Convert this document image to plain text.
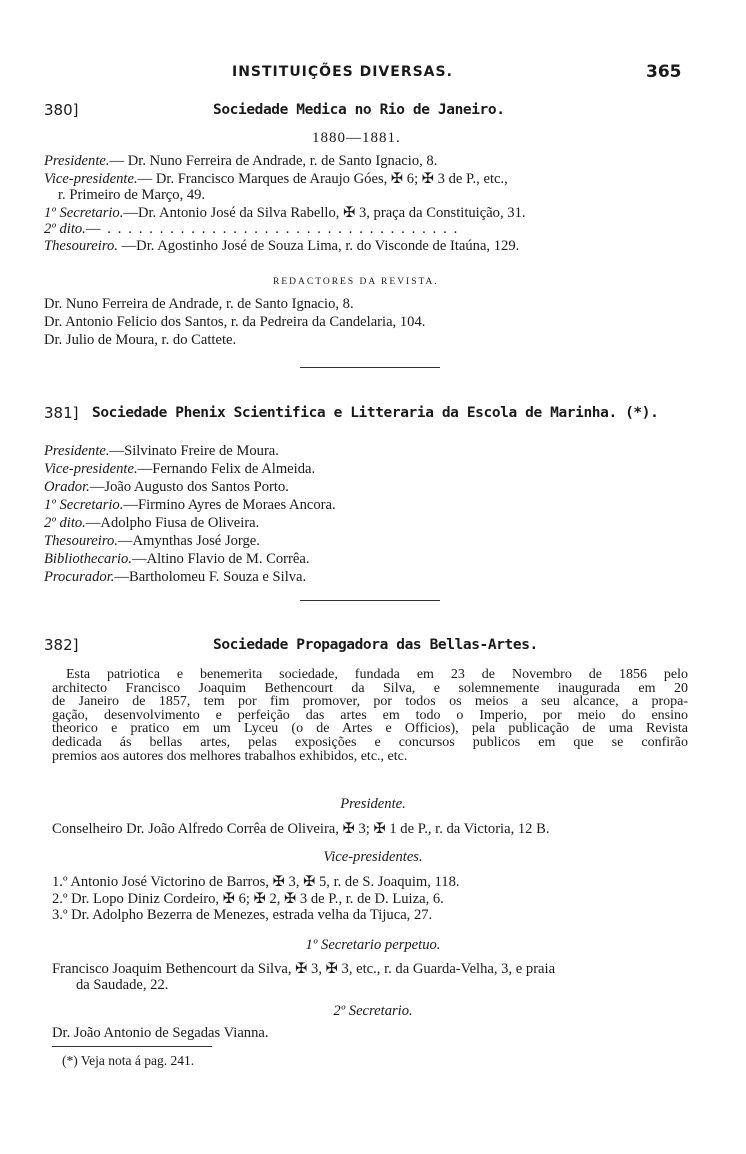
INSTITUIÇÕES DIVERSAS.	365
380]	Sociedade Medica no Rio de Janeiro.
1880—1881.
Presidente.— Dr. Nuno Ferreira de Andrade, r. de Santo Ignacio, 8.
Vice-presidente.— Dr. Francisco Marques de Araujo Góes, ✠ 6; ✠ 3 de P., etc.,
r. Primeiro de Março, 49.
1º Secretario.—Dr. Antonio José da Silva Rabello, ✠ 3, praça da Constituição, 31.
2º dito.— . . . . . . . . . . . . . . . . . . . . . . . . . . . . . . . . . .
Thesoureiro. —Dr. Agostinho José de Souza Lima, r. do Visconde de Itaúna, 129.
REDACTORES DA REVISTA.
Dr. Nuno Ferreira de Andrade, r. de Santo Ignacio, 8.
Dr. Antonio Felicio dos Santos, r. da Pedreira da Candelaria, 104.
Dr. Julio de Moura, r. do Cattete.
381] Sociedade Phenix Scientifica e Litteraria da Escola de Marinha. (*).
Presidente.—Silvinato Freire de Moura.
Vice-presidente.—Fernando Felix de Almeida.
Orador.—João Augusto dos Santos Porto.
1º Secretario.—Firmino Ayres de Moraes Ancora.
2º dito.—Adolpho Fiusa de Oliveira.
Thesoureiro.—Amynthas José Jorge.
Bibliothecario.—Altino Flavio de M. Corrêa.
Procurador.—Bartholomeu F. Souza e Silva.
382]	Sociedade Propagadora das Bellas-Artes.
Esta patriotica e benemerita sociedade, fundada em 23 de Novembro de 1856 pelo
architecto Francisco Joaquim Bethencourt da Silva, e solemnemente inaugurada em 20
de Janeiro de 1857, tem por fim promover, por todos os meios a seu alcance, a propa-
gação, desenvolvimento e perfeição das artes em todo o Imperio, por meio do ensino
theorico e pratico em um Lyceu (o de Artes e Officios), pela publicação de uma Revista
dedicada ás bellas artes, pelas exposições e concursos publicos em que se confirão
premios aos autores dos melhores trabalhos exhibidos, etc., etc.
Presidente.
Conselheiro Dr. João Alfredo Corrêa de Oliveira, ✠ 3; ✠ 1 de P., r. da Victoria, 12 B.
Vice-presidentes.
1.º Antonio José Victorino de Barros, ✠ 3, ✠ 5, r. de S. Joaquim, 118.
2.º Dr. Lopo Diniz Cordeiro, ✠ 6; ✠ 2, ✠ 3 de P., r. de D. Luiza, 6.
3.º Dr. Adolpho Bezerra de Menezes, estrada velha da Tijuca, 27.
1º Secretario perpetuo.
Francisco Joaquim Bethencourt da Silva, ✠ 3, ✠ 3, etc., r. da Guarda-Velha, 3, e praia
da Saudade, 22.
2º Secretario.
Dr. João Antonio de Segadas Vianna.
(*) Veja nota á pag. 241.
